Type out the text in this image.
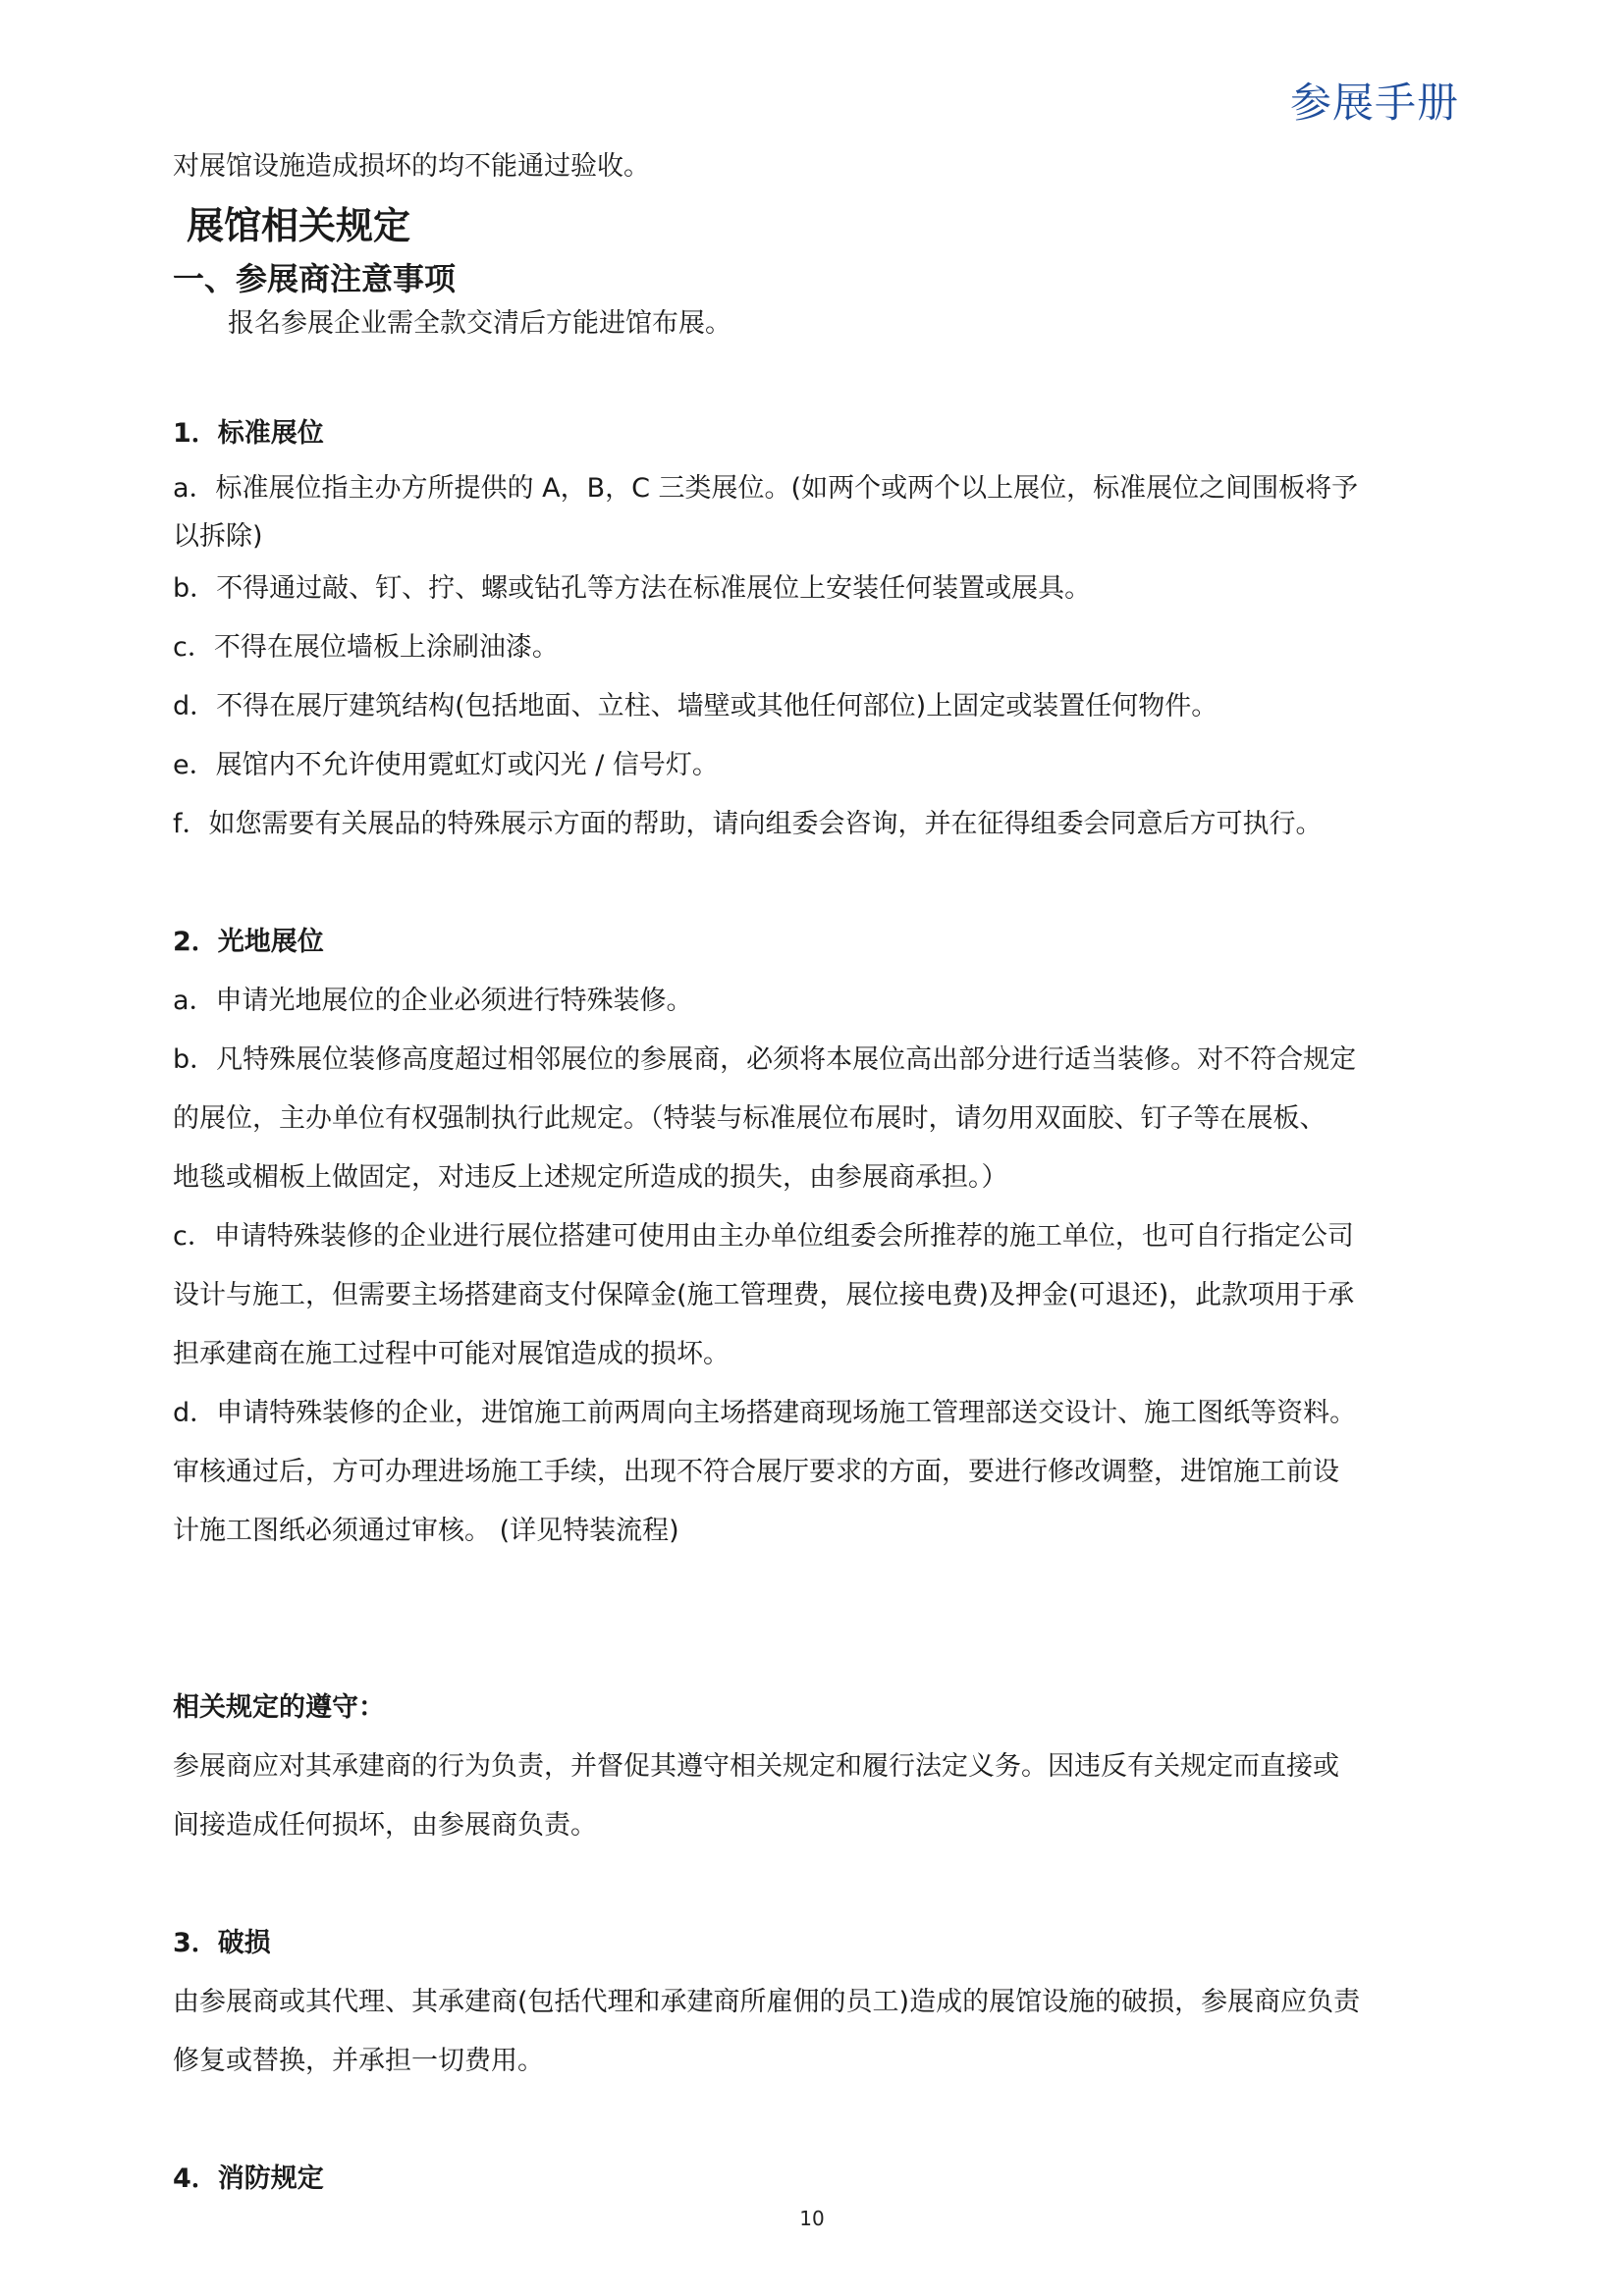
参展手册

对展馆设施造成损坏的均不能通过验收。

展馆相关规定

一、参展商注意事项

报名参展企业需全款交清后方能进馆布展。

1．标准展位

a．标准展位指主办方所提供的 A，B，C 三类展位。(如两个或两个以上展位，标准展位之间围板将予

以拆除)

b．不得通过敲、钉、拧、螺或钻孔等方法在标准展位上安装任何装置或展具。

c．不得在展位墙板上涂刷油漆。

d．不得在展厅建筑结构(包括地面、立柱、墙壁或其他任何部位)上固定或装置任何物件。

e．展馆内不允许使用霓虹灯或闪光 / 信号灯。

f．如您需要有关展品的特殊展示方面的帮助，请向组委会咨询，并在征得组委会同意后方可执行。

2．光地展位

a．申请光地展位的企业必须进行特殊装修。

b．凡特殊展位装修高度超过相邻展位的参展商，必须将本展位高出部分进行适当装修。对不符合规定

的展位，主办单位有权强制执行此规定。（特装与标准展位布展时，请勿用双面胶、钉子等在展板、

地毯或楣板上做固定，对违反上述规定所造成的损失，由参展商承担。）

c．申请特殊装修的企业进行展位搭建可使用由主办单位组委会所推荐的施工单位，也可自行指定公司

设计与施工，但需要主场搭建商支付保障金(施工管理费，展位接电费)及押金(可退还)，此款项用于承

担承建商在施工过程中可能对展馆造成的损坏。

d．申请特殊装修的企业，进馆施工前两周向主场搭建商现场施工管理部送交设计、施工图纸等资料。

审核通过后，方可办理进场施工手续，出现不符合展厅要求的方面，要进行修改调整，进馆施工前设

计施工图纸必须通过审核。 (详见特装流程)

相关规定的遵守：

参展商应对其承建商的行为负责，并督促其遵守相关规定和履行法定义务。因违反有关规定而直接或

间接造成任何损坏，由参展商负责。

3．破损

由参展商或其代理、其承建商(包括代理和承建商所雇佣的员工)造成的展馆设施的破损，参展商应负责

修复或替换，并承担一切费用。

4．消防规定

10
